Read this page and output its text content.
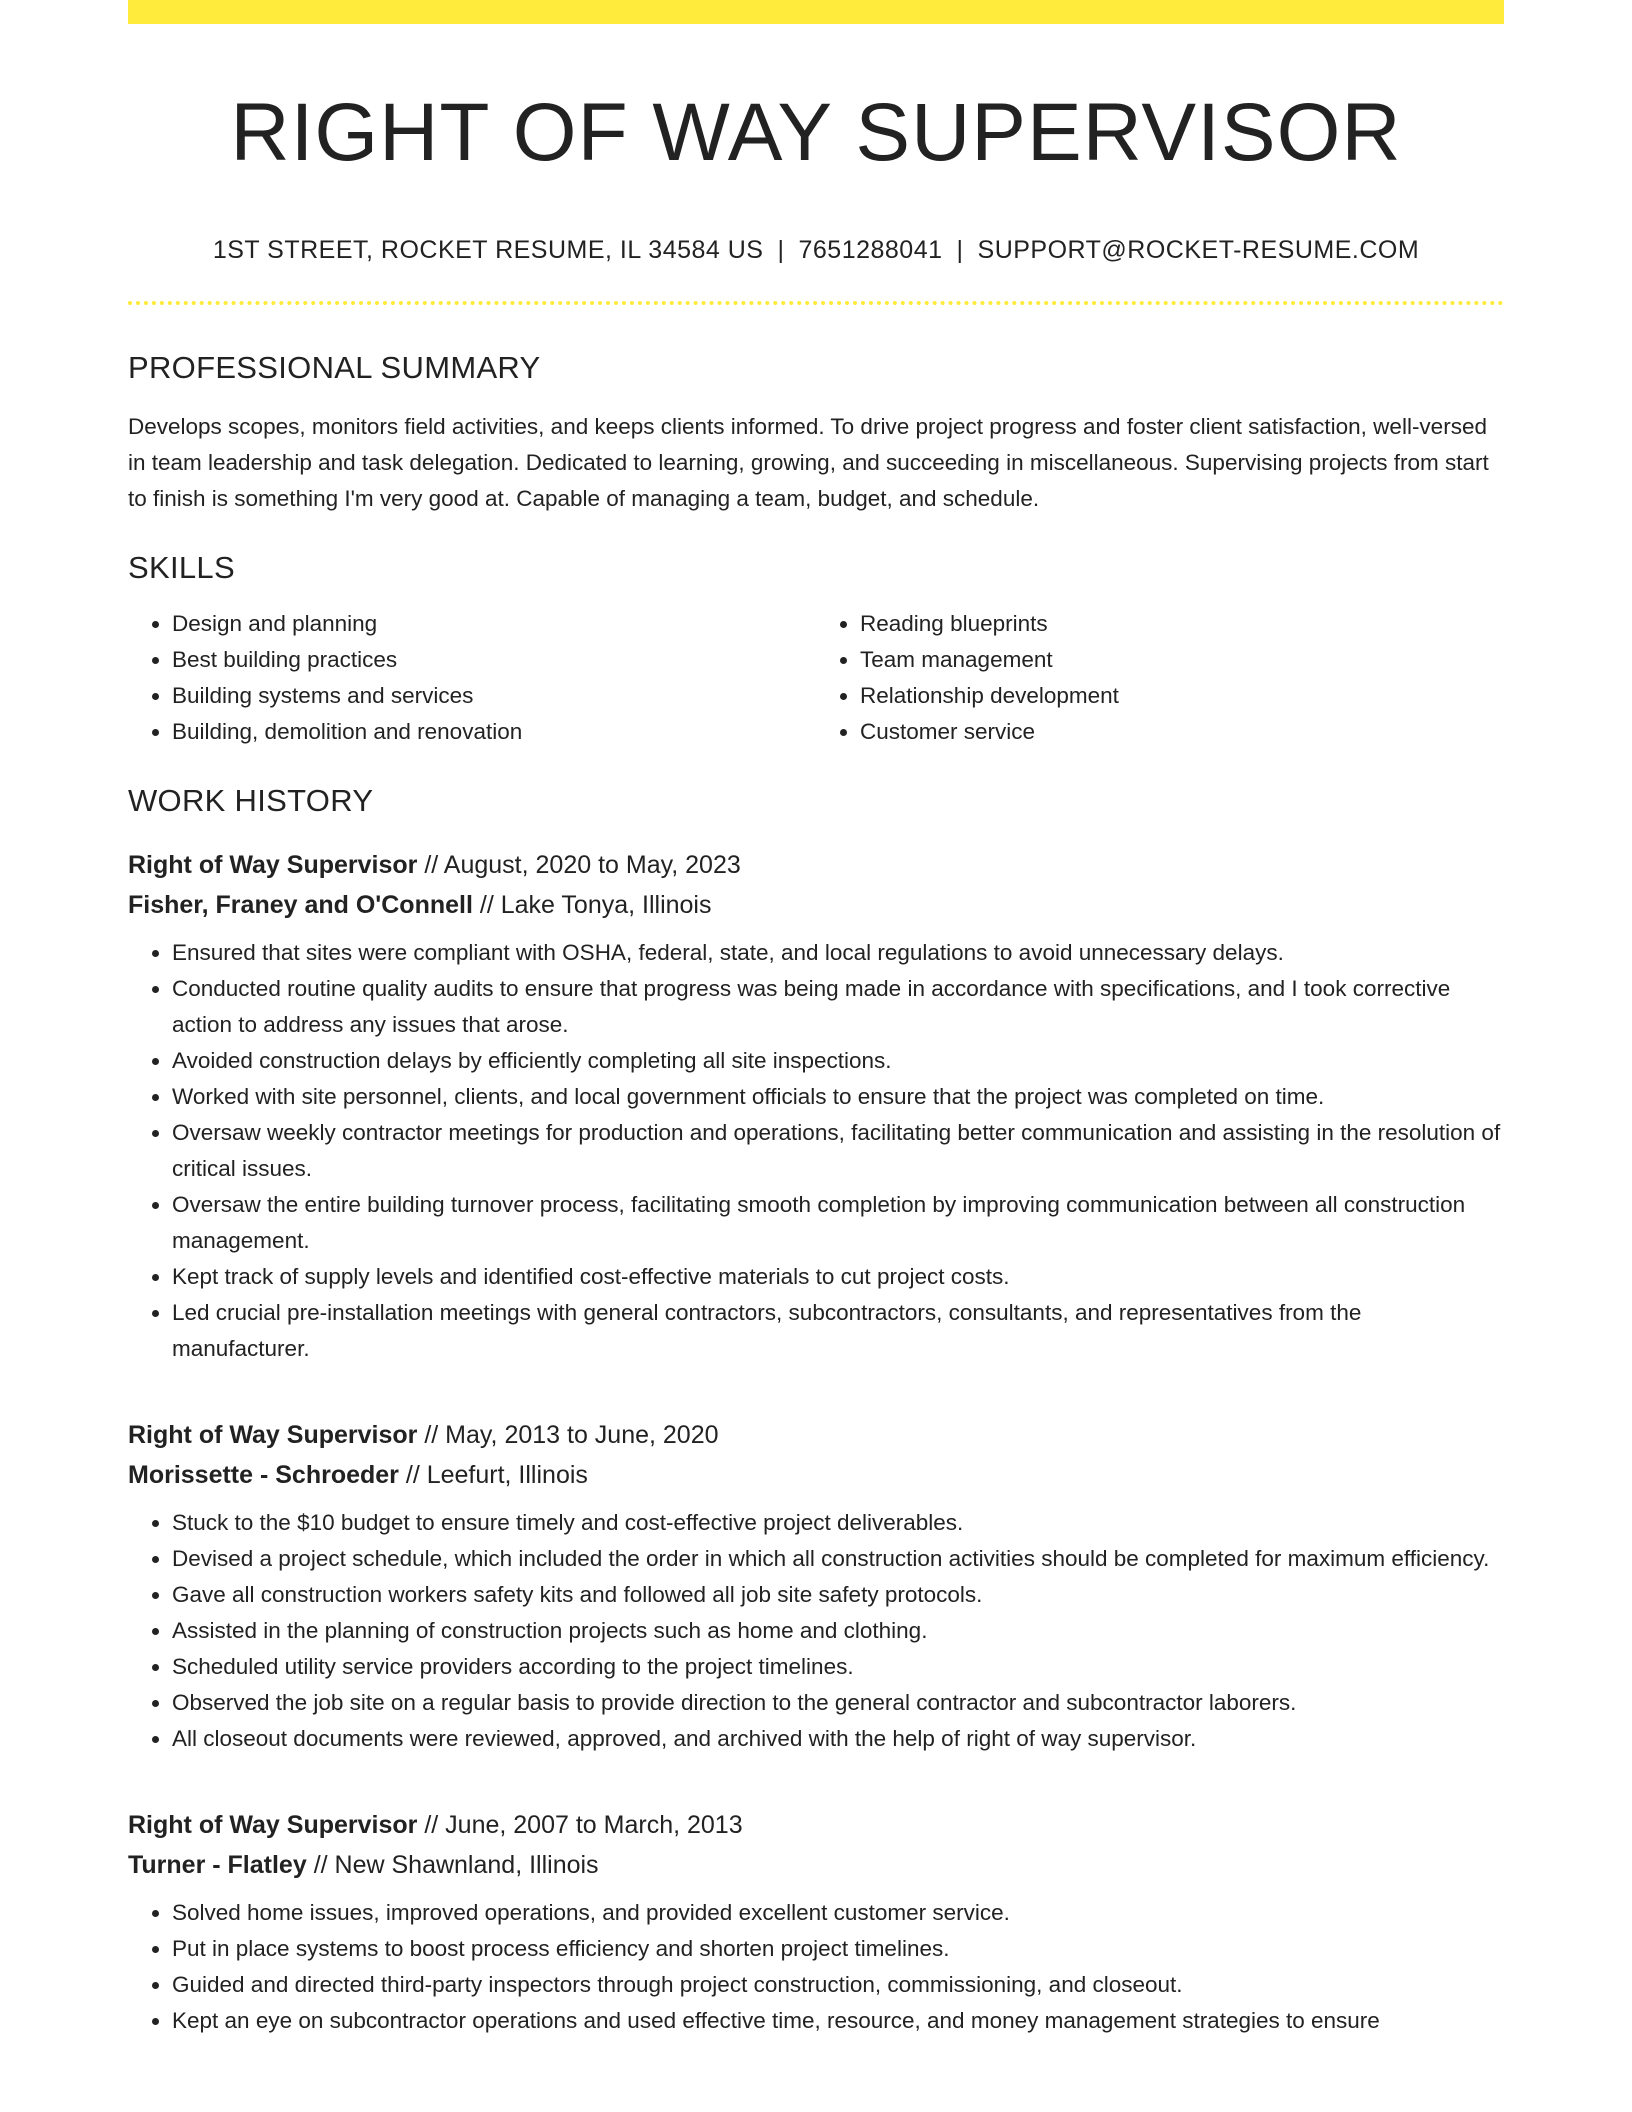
RIGHT OF WAY SUPERVISOR
1ST STREET, ROCKET RESUME, IL 34584 US | 7651288041 | SUPPORT@ROCKET-RESUME.COM
PROFESSIONAL SUMMARY

Develops scopes, monitors field activities, and keeps clients informed. To drive project progress and foster client satisfaction, well-versed in team leadership and task delegation. Dedicated to learning, growing, and succeeding in miscellaneous. Supervising projects from start to finish is something I'm very good at. Capable of managing a team, budget, and schedule.

SKILLS
• Design and planning
• Best building practices
• Building systems and services
• Building, demolition and renovation
• Reading blueprints
• Team management
• Relationship development
• Customer service
WORK HISTORY
Right of Way Supervisor // August, 2020 to May, 2023
Fisher, Franey and O'Connell // Lake Tonya, Illinois
• Ensured that sites were compliant with OSHA, federal, state, and local regulations to avoid unnecessary delays.
• Conducted routine quality audits to ensure that progress was being made in accordance with specifications, and I took corrective action to address any issues that arose.
• Avoided construction delays by efficiently completing all site inspections.
• Worked with site personnel, clients, and local government officials to ensure that the project was completed on time.
• Oversaw weekly contractor meetings for production and operations, facilitating better communication and assisting in the resolution of critical issues.
• Oversaw the entire building turnover process, facilitating smooth completion by improving communication between all construction management.
• Kept track of supply levels and identified cost-effective materials to cut project costs.
• Led crucial pre-installation meetings with general contractors, subcontractors, consultants, and representatives from the manufacturer.
Right of Way Supervisor // May, 2013 to June, 2020
Morissette - Schroeder // Leefurt, Illinois
• Stuck to the $10 budget to ensure timely and cost-effective project deliverables.
• Devised a project schedule, which included the order in which all construction activities should be completed for maximum efficiency.
• Gave all construction workers safety kits and followed all job site safety protocols.
• Assisted in the planning of construction projects such as home and clothing.
• Scheduled utility service providers according to the project timelines.
• Observed the job site on a regular basis to provide direction to the general contractor and subcontractor laborers.
• All closeout documents were reviewed, approved, and archived with the help of right of way supervisor.
Right of Way Supervisor // June, 2007 to March, 2013
Turner - Flatley // New Shawnland, Illinois
• Solved home issues, improved operations, and provided excellent customer service.
• Put in place systems to boost process efficiency and shorten project timelines.
• Guided and directed third-party inspectors through project construction, commissioning, and closeout.
• Kept an eye on subcontractor operations and used effective time, resource, and money management strategies to ensure
